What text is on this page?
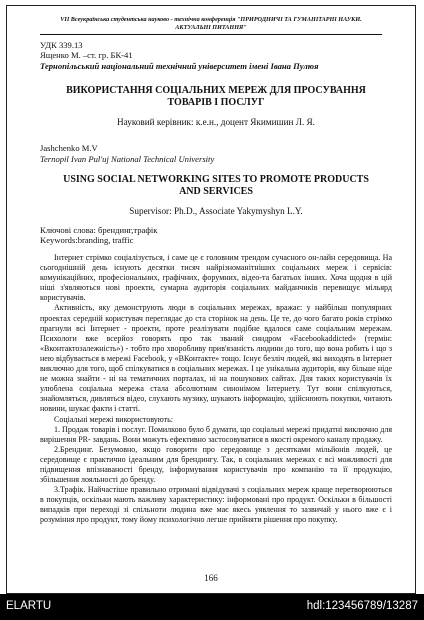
VII Всеукраїнська студентська науково - технічна конференція "ПРИРОДНИЧІ ТА ГУМАНІТАРНІ НАУКИ.
АКТУАЛЬНІ ПИТАННЯ"
УДК 339.13
Ященко М. –ст. гр. БК-41
Тернопільський національний технічний університет імені Івана Пулюя
ВИКОРИСТАННЯ СОЦІАЛЬНИХ МЕРЕЖ ДЛЯ ПРОСУВАННЯ
ТОВАРІВ І ПОСЛУГ
Науковий керівник: к.е.н., доцент Якимишин Л. Я.
Jashchenko M.V
Ternopil Ivan Pul'uj National Technical University
USING SOCIAL NETWORKING SITES TO PROMOTE PRODUCTS
AND SERVICES
Supervisor: Ph.D., Associate Yakymyshyn L.Y.
Ключові слова: брендинг,трафік
Keywords:branding, traffic

Інтернет стрімко соціалізується, і саме це є головним трендом сучасного он-лайн середовища. На сьогоднішній день існують десятки тисяч найрізноманітніших соціальних мереж і сервісів: комунікаційних, професіональних, графічних, форумних, відео-та багатьох інших. Хоча щодня в цій ніші з'являються нові проекти, сумарна аудиторія соціальних майданчиків перевищує мільярд користувачів.

Активність, яку демонструють люди в соціальних мережах, вражає: у найбільш популярних проектах середній користувач переглядає до ста сторінок на день. Це те, до чого багато років стрімко прагнули всі Інтернет - проекти, проте реалізувати подібне вдалося саме соціальним мережам. Психологи вже всерйоз говорять про так званий синдром «Facebookaddicted» (термін: «Вконтактозалежність») - тобто про хворобливу прив'язаність людини до того, що вона робить і що з нею відбувається в мережі Facebook, у «ВКонтакте» тощо. Існує безліч людей, які виходять в Інтернет виключно для того, щоб спілкуватися в соціальних мережах. І це унікальна аудиторія, яку більше ніде не можна знайти - ні на тематичних порталах, ні на пошукових сайтах. Для таких користувачів їх улюблена соціальна мережа стала абсолютним синонімом Інтернету. Тут вони спілкуються, знайомляться, дивляться відео, слухають музику, шукають інформацію, здійснюють покупки, читають новини, шукає факти і статті.

Соціальні мережі використовують:

1. Продаж товарів і послуг. Помилково було б думати, що соціальні мережі придатні виключно для вирішення PR- завдань. Вони можуть ефективно застосовуватися в якості окремого каналу продажу.

2.Брендинг. Безумовно, якщо говорити про середовище з десятками мільйонів людей, це середовище є практично ідеальним для брендингу. Так, в соціальних мережах є всі можливості для підвищення впізнаваності бренду, інформування користувачів про компанію та її продукцію, збільшення лояльності до бренду.

3.Трафік. Найчастіше правильно отримані відвідувачі з соціальних мереж краще перетворюються в покупців, оскільки мають важливу характеристику: інформовані про продукт. Оскільки в більшості випадків при переході зі спільноти людина вже має якесь уявлення то зазвичай у нього вже є і розуміння про продукт, тому йому психологічно легше прийняти рішення про покупку.

166
ELARTU	hdl:123456789/13287
